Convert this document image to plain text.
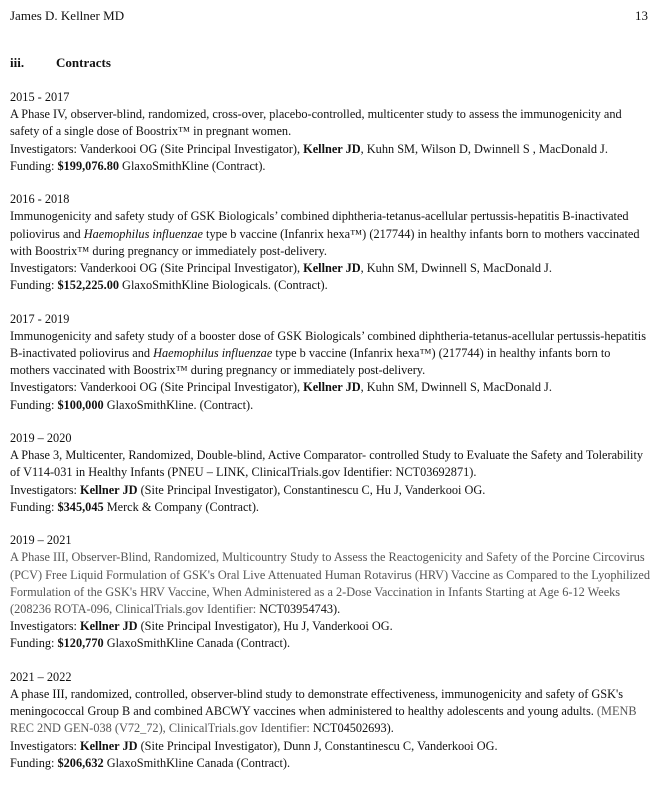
James D. Kellner MD	13
iii. Contracts

2015 - 2017

A Phase IV, observer-blind, randomized, cross-over, placebo-controlled, multicenter study to assess the immunogenicity and safety of a single dose of Boostrix™ in pregnant women.

Investigators: Vanderkooi OG (Site Principal Investigator), Kellner JD, Kuhn SM, Wilson D, Dwinnell S , MacDonald J.

Funding: $199,076.80 GlaxoSmithKline (Contract).

2016 - 2018

Immunogenicity and safety study of GSK Biologicals’ combined diphtheria-tetanus-acellular pertussis-hepatitis B-inactivated poliovirus and Haemophilus influenzae type b vaccine (Infanrix hexa™) (217744) in healthy infants born to mothers vaccinated with Boostrix™ during pregnancy or immediately post-delivery.

Investigators: Vanderkooi OG (Site Principal Investigator), Kellner JD, Kuhn SM, Dwinnell S, MacDonald J.

Funding: $152,225.00 GlaxoSmithKline Biologicals. (Contract).

2017 - 2019

Immunogenicity and safety study of a booster dose of GSK Biologicals’ combined diphtheria-tetanus-acellular pertussis-hepatitis B-inactivated poliovirus and Haemophilus influenzae type b vaccine (Infanrix hexa™) (217744) in healthy infants born to mothers vaccinated with Boostrix™ during pregnancy or immediately post-delivery.

Investigators: Vanderkooi OG (Site Principal Investigator), Kellner JD, Kuhn SM, Dwinnell S, MacDonald J.

Funding: $100,000 GlaxoSmithKline. (Contract).

2019 – 2020

A Phase 3, Multicenter, Randomized, Double-blind, Active Comparator- controlled Study to Evaluate the Safety and Tolerability of V114-031 in Healthy Infants (PNEU – LINK, ClinicalTrials.gov Identifier: NCT03692871).

Investigators: Kellner JD (Site Principal Investigator), Constantinescu C, Hu J, Vanderkooi OG.

Funding: $345,045 Merck & Company (Contract).

2019 – 2021

A Phase III, Observer-Blind, Randomized, Multicountry Study to Assess the Reactogenicity and Safety of the Porcine Circovirus (PCV) Free Liquid Formulation of GSK's Oral Live Attenuated Human Rotavirus (HRV) Vaccine as Compared to the Lyophilized Formulation of the GSK's HRV Vaccine, When Administered as a 2-Dose Vaccination in Infants Starting at Age 6-12 Weeks (208236 ROTA-096, ClinicalTrials.gov Identifier: NCT03954743).

Investigators: Kellner JD (Site Principal Investigator), Hu J, Vanderkooi OG.

Funding: $120,770 GlaxoSmithKline Canada (Contract).

2021 – 2022

A phase III, randomized, controlled, observer-blind study to demonstrate effectiveness, immunogenicity and safety of GSK's meningococcal Group B and combined ABCWY vaccines when administered to healthy adolescents and young adults. (MENB REC 2ND GEN-038 (V72_72), ClinicalTrials.gov Identifier: NCT04502693).

Investigators: Kellner JD (Site Principal Investigator), Dunn J, Constantinescu C, Vanderkooi OG.

Funding: $206,632 GlaxoSmithKline Canada (Contract).
